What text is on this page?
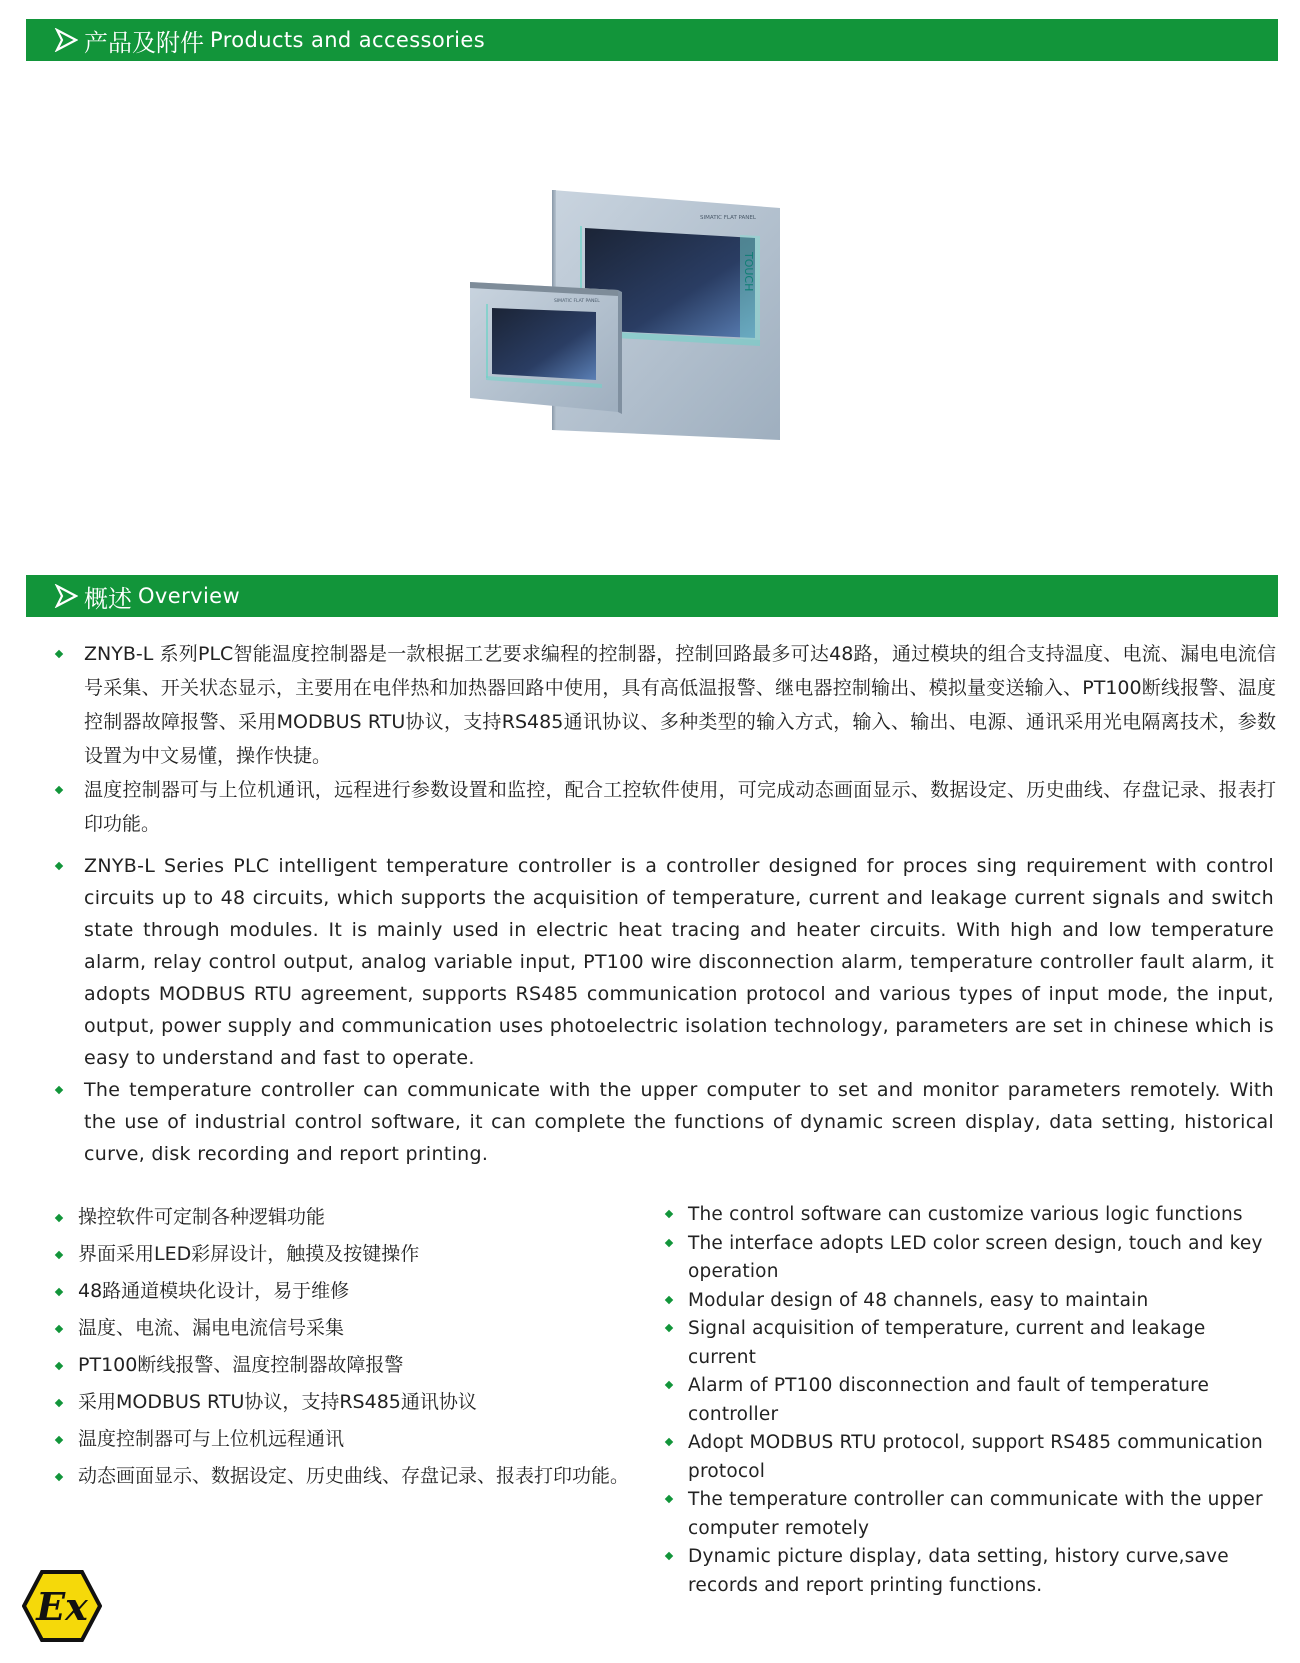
产品及附件 Products and accessories
SIMATIC FLAT PANEL
TOUCH
SIMATIC FLAT PANEL
概述 Overview
ZNYB-L 系列PLC智能温度控制器是一款根据工艺要求编程的控制器，控制回路最多可达48路，通过模块的组合支持温度、电流、漏电电流信号采集、开关状态显示，主要用在电伴热和加热器回路中使用，具有高低温报警、继电器控制输出、模拟量变送输入、PT100断线报警、温度控制器故障报警、采用MODBUS RTU协议，支持RS485通讯协议、多种类型的输入方式，输入、输出、电源、通讯采用光电隔离技术，参数设置为中文易懂，操作快捷。
温度控制器可与上位机通讯，远程进行参数设置和监控，配合工控软件使用，可完成动态画面显示、数据设定、历史曲线、存盘记录、报表打印功能。
ZNYB-L Series PLC intelligent temperature controller is a controller designed for proces sing requirement with control circuits up to 48 circuits, which supports the acquisition of temperature, current and leakage current signals and switch state through modules. It is mainly used in electric heat tracing and heater circuits. With high and low temperature alarm, relay control output, analog variable input, PT100 wire disconnection alarm, temperature controller fault alarm, it adopts MODBUS RTU agreement, supports RS485 communication protocol and various types of input mode, the input, output, power supply and communication uses photoelectric isolation technology, parameters are set in chinese which is easy to understand and fast to operate.
The temperature controller can communicate with the upper computer to set and monitor parameters remotely. With the use of industrial control software, it can complete the functions of dynamic screen display, data setting, historical curve, disk recording and report printing.
操控软件可定制各种逻辑功能
界面采用LED彩屏设计，触摸及按键操作
48路通道模块化设计，易于维修
温度、电流、漏电电流信号采集
PT100断线报警、温度控制器故障报警
采用MODBUS RTU协议，支持RS485通讯协议
温度控制器可与上位机远程通讯
动态画面显示、数据设定、历史曲线、存盘记录、报表打印功能。
The control software can customize various logic functions
The interface adopts LED color screen design, touch and key operation
Modular design of 48 channels, easy to maintain
Signal acquisition of temperature, current and leakage current
Alarm of PT100 disconnection and fault of temperature controller
Adopt MODBUS RTU protocol, support RS485 communication protocol
The temperature controller can communicate with the upper computer remotely
Dynamic picture display, data setting, history curve,save records and report printing functions.
Ex
